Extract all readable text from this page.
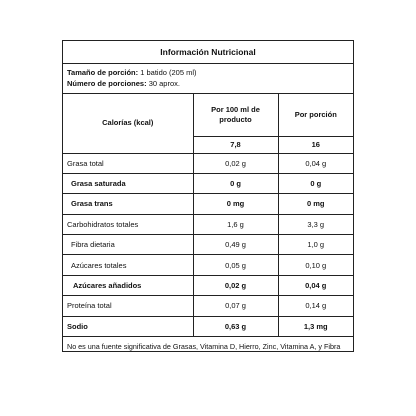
Información Nutricional
Tamaño de porción: 1 batido (205 ml)
Número de porciones: 30 aprox.
Calorías (kcal)	Por 100 ml de producto	Por porción
	7,8	16
Grasa total	0,02 g	0,04 g
Grasa saturada	0 g	0 g
Grasa trans	0 mg	0 mg
Carbohidratos totales	1,6 g	3,3 g
Fibra dietaria	0,49 g	1,0 g
Azúcares totales	0,05 g	0,10 g
Azúcares añadidos	0,02 g	0,04 g
Proteína total	0,07 g	0,14 g
Sodio	0,63 g	1,3 mg
No es una fuente significativa de Grasas, Vitamina D, Hierro, Zinc, Vitamina A, y Fibra
